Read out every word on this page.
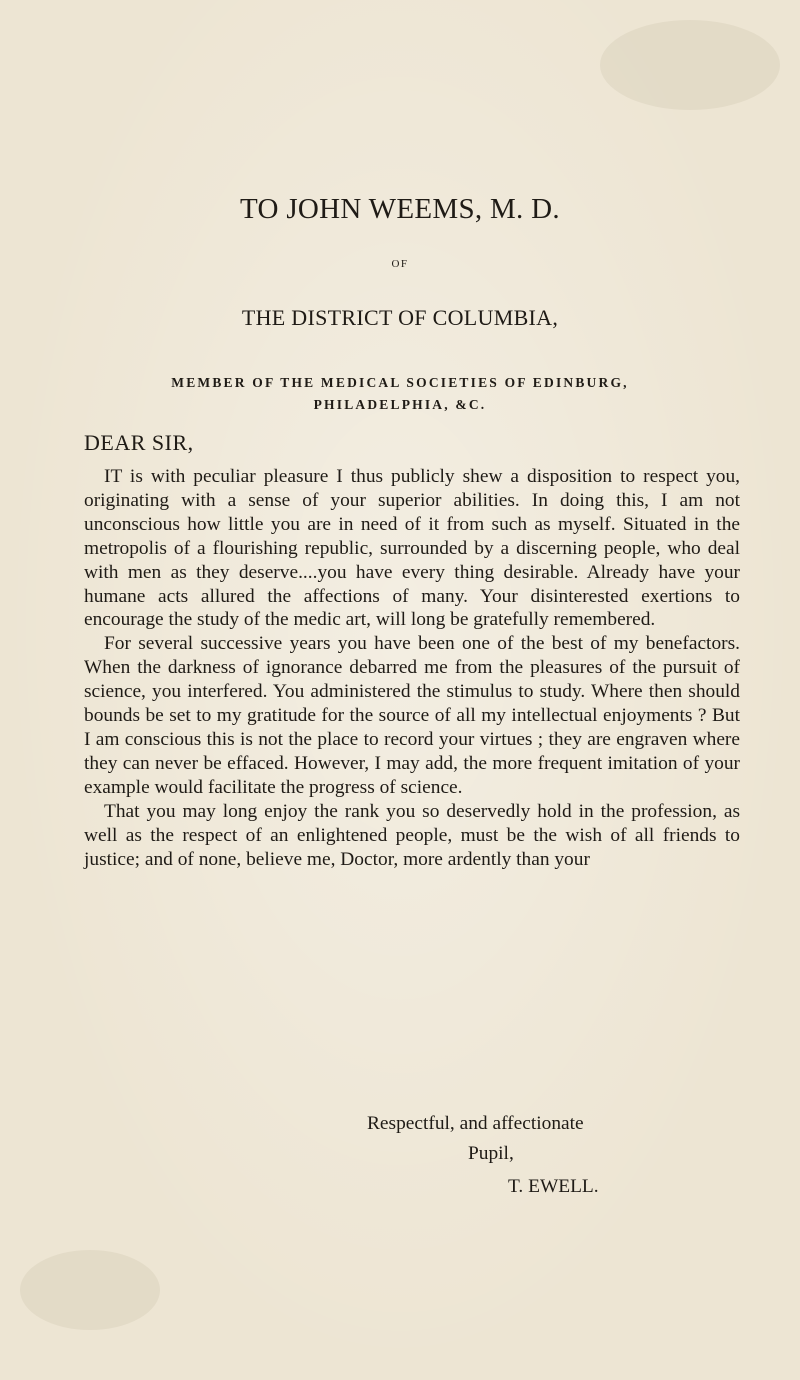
TO JOHN WEEMS, M. D.
OF
THE DISTRICT OF COLUMBIA,
MEMBER OF THE MEDICAL SOCIETIES OF EDINBURG,
PHILADELPHIA, &C.
DEAR SIR,

IT is with peculiar pleasure I thus publicly shew a disposition to respect you, originating with a sense of your superior abilities. In doing this, I am not unconscious how little you are in need of it from such as myself. Situated in the metropolis of a flourishing republic, surrounded by a discerning people, who deal with men as they deserve....you have every thing desirable. Already have your humane acts allured the affections of many. Your disinterested exertions to encourage the study of the medic art, will long be gratefully remembered.

For several successive years you have been one of the best of my benefactors. When the darkness of ignorance debarred me from the pleasures of the pursuit of science, you interfered. You administered the stimulus to study. Where then should bounds be set to my gratitude for the source of all my intellectual enjoyments ? But I am conscious this is not the place to record your virtues ; they are engraven where they can never be effaced. However, I may add, the more frequent imitation of your example would facilitate the progress of science.

That you may long enjoy the rank you so deservedly hold in the profession, as well as the respect of an enlightened people, must be the wish of all friends to justice; and of none, believe me, Doctor, more ardently than your

Respectful, and affectionate
Pupil,
T. EWELL.
